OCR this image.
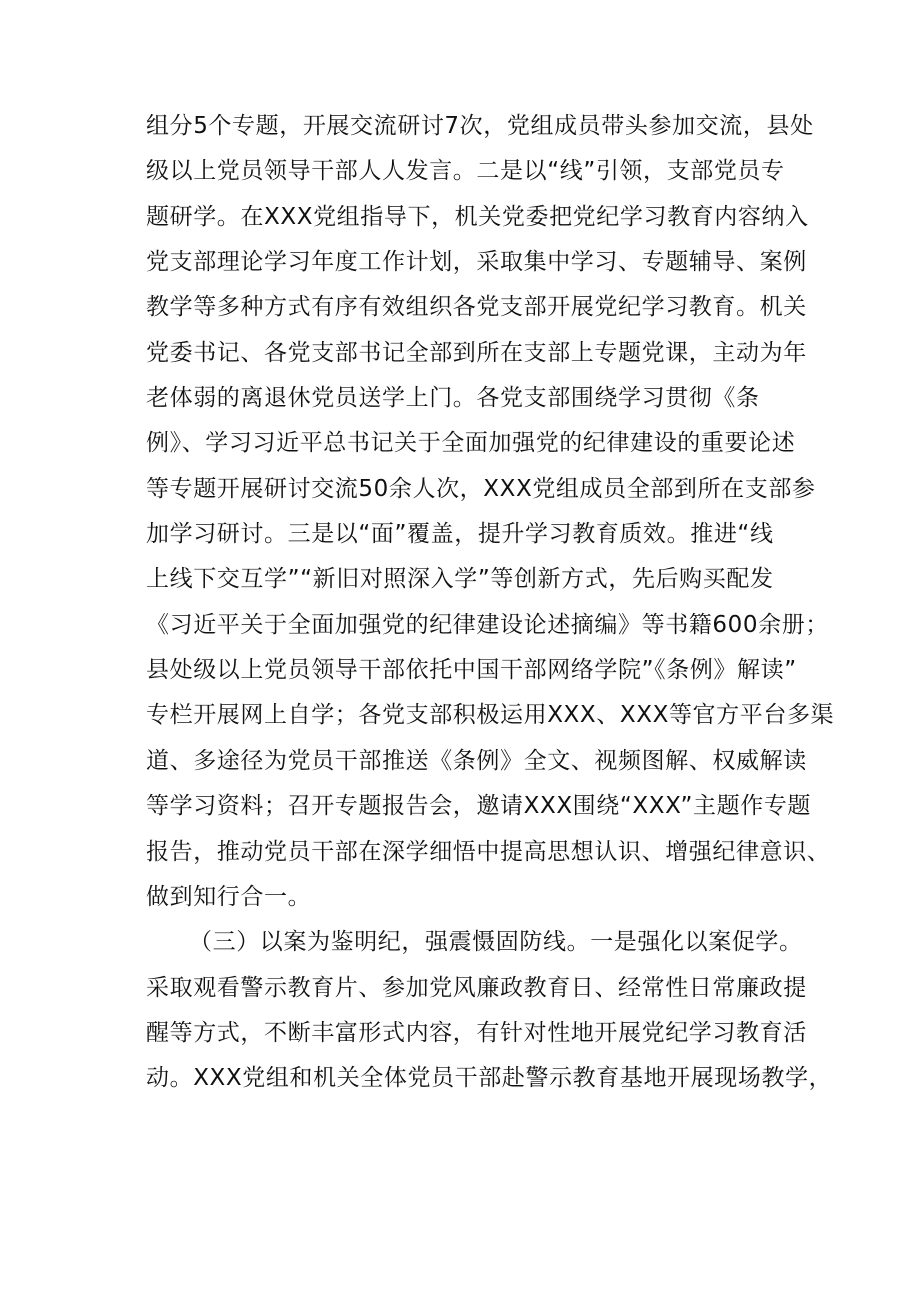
组分5个专题，开展交流研讨7次，党组成员带头参加交流，县处
级以上党员领导干部人人发言。二是以“线”引领，支部党员专
题研学。在XXX党组指导下，机关党委把党纪学习教育内容纳入
党支部理论学习年度工作计划，采取集中学习、专题辅导、案例
教学等多种方式有序有效组织各党支部开展党纪学习教育。机关
党委书记、各党支部书记全部到所在支部上专题党课，主动为年
老体弱的离退休党员送学上门。各党支部围绕学习贯彻《条
例》、学习习近平总书记关于全面加强党的纪律建设的重要论述
等专题开展研讨交流50余人次，XXX党组成员全部到所在支部参
加学习研讨。三是以“面”覆盖，提升学习教育质效。推进“线
上线下交互学”“新旧对照深入学”等创新方式，先后购买配发
《习近平关于全面加强党的纪律建设论述摘编》等书籍600余册；
县处级以上党员领导干部依托中国干部网络学院”《条例》解读”
专栏开展网上自学；各党支部积极运用XXX、XXX等官方平台多渠
道、多途径为党员干部推送《条例》全文、视频图解、权威解读
等学习资料；召开专题报告会，邀请XXX围绕“XXX”主题作专题
报告，推动党员干部在深学细悟中提高思想认识、增强纪律意识、
做到知行合一。
（三）以案为鉴明纪，强震慑固防线。一是强化以案促学。
采取观看警示教育片、参加党风廉政教育日、经常性日常廉政提
醒等方式，不断丰富形式内容，有针对性地开展党纪学习教育活
动。XXX党组和机关全体党员干部赴警示教育基地开展现场教学，
